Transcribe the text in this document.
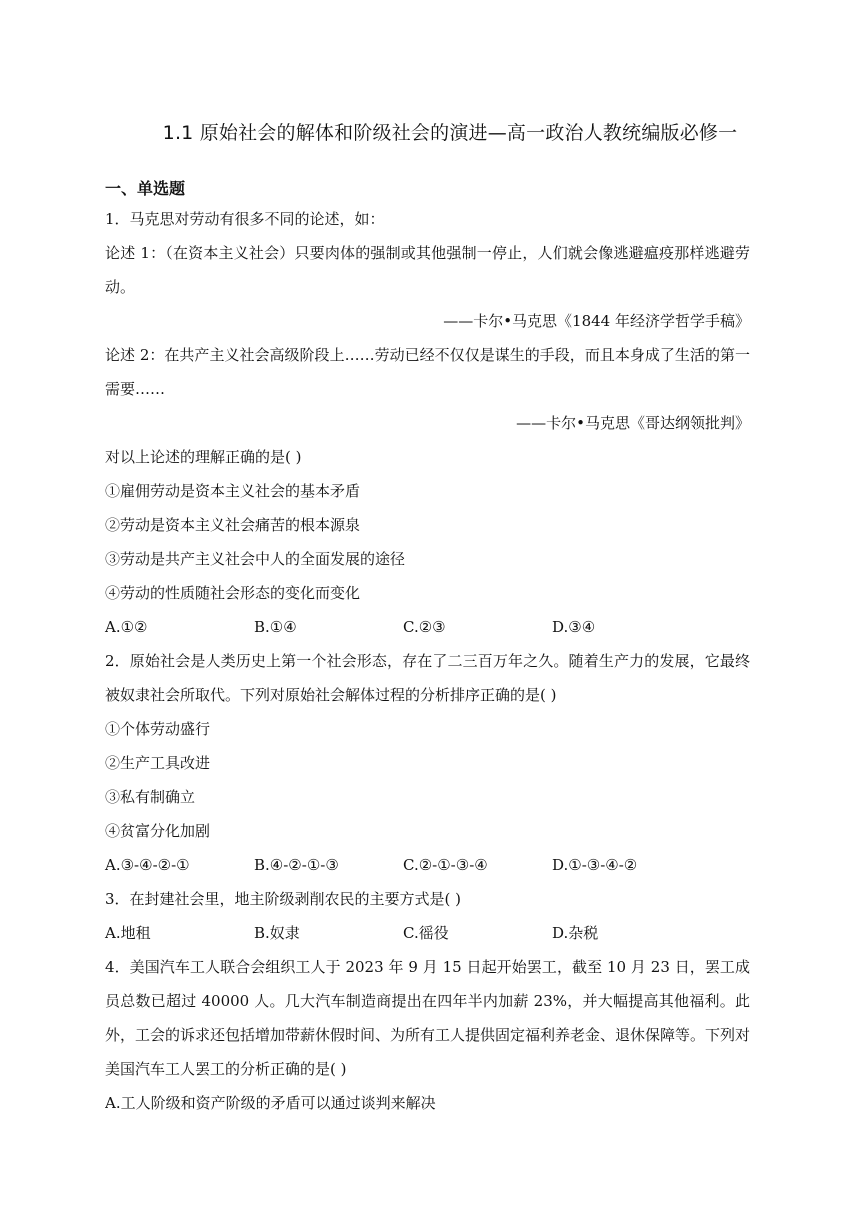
1.1 原始社会的解体和阶级社会的演进—高一政治人教统编版必修一
一、单选题
1．马克思对劳动有很多不同的论述，如：
论述 1：（在资本主义社会）只要肉体的强制或其他强制一停止，人们就会像逃避瘟疫那样逃避劳动。
——卡尔•马克思《1844 年经济学哲学手稿》
论述 2：在共产主义社会高级阶段上……劳动已经不仅仅是谋生的手段，而且本身成了生活的第一需要……
——卡尔•马克思《哥达纲领批判》
对以上论述的理解正确的是( )
①雇佣劳动是资本主义社会的基本矛盾
②劳动是资本主义社会痛苦的根本源泉
③劳动是共产主义社会中人的全面发展的途径
④劳动的性质随社会形态的变化而变化
A.①②	B.①④	C.②③	D.③④
2．原始社会是人类历史上第一个社会形态，存在了二三百万年之久。随着生产力的发展，它最终被奴隶社会所取代。下列对原始社会解体过程的分析排序正确的是( )
①个体劳动盛行
②生产工具改进
③私有制确立
④贫富分化加剧
A.③-④-②-①	B.④-②-①-③	C.②-①-③-④	D.①-③-④-②
3．在封建社会里，地主阶级剥削农民的主要方式是( )
A.地租	B.奴隶	C.徭役	D.杂税
4．美国汽车工人联合会组织工人于 2023 年 9 月 15 日起开始罢工，截至 10 月 23 日，罢工成员总数已超过 40000 人。几大汽车制造商提出在四年半内加薪 23%，并大幅提高其他福利。此外，工会的诉求还包括增加带薪休假时间、为所有工人提供固定福利养老金、退休保障等。下列对美国汽车工人罢工的分析正确的是( )
A.工人阶级和资产阶级的矛盾可以通过谈判来解决
